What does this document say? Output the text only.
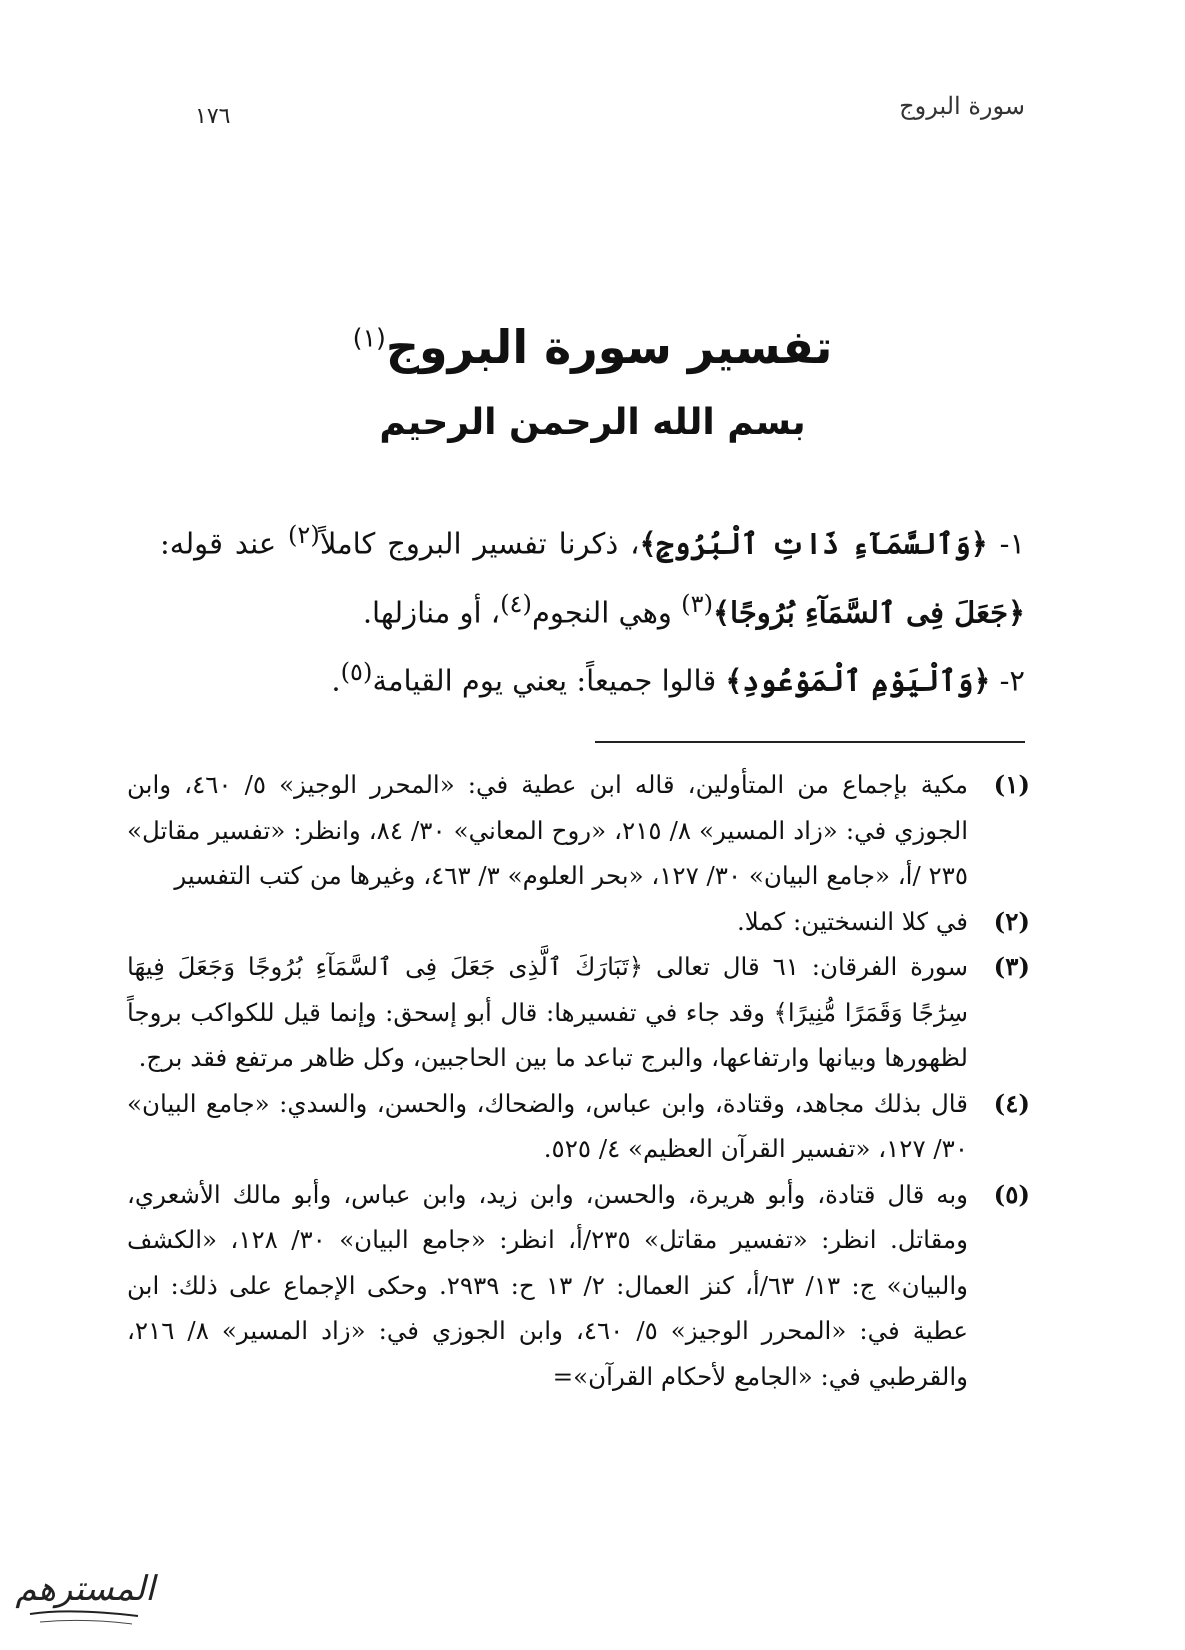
سورة البروج
١٧٦
تفسير سورة البروج$^{(١)}$
بسم الله الرحمن الرحيم

١- ﴿وَٱلسَّمَآءِ ذَاتِ ٱلْبُرُوجِ﴾، ذكرنا تفسير البروج كاملاً$^{(٢)}$ عند قوله: ﴿جَعَلَ فِى ٱلسَّمَآءِ بُرُوجًا﴾$^{(٣)}$ وهي النجوم$^{(٤)}$، أو منازلها.

٢- ﴿وَٱلْيَوْمِ ٱلْمَوْعُودِ﴾ قالوا جميعاً: يعني يوم القيامة$^{(٥)}$.

(١)
مكية بإجماع من المتأولين، قاله ابن عطية في: «المحرر الوجيز» ٥/ ٤٦٠، وابن الجوزي في: «زاد المسير» ٨/ ٢١٥، «روح المعاني» ٣٠/ ٨٤، وانظر: «تفسير مقاتل» ٢٣٥ /أ، «جامع البيان» ٣٠/ ١٢٧، «بحر العلوم» ٣/ ٤٦٣، وغيرها من كتب التفسير
(٢)
في كلا النسختين: كملا.
(٣)
سورة الفرقان: ٦١ قال تعالى ﴿تَبَارَكَ ٱلَّذِى جَعَلَ فِى ٱلسَّمَآءِ بُرُوجًا وَجَعَلَ فِيهَا سِرَٰجًا وَقَمَرًا مُّنِيرًا﴾ وقد جاء في تفسيرها: قال أبو إسحق: وإنما قيل للكواكب بروجاً لظهورها وبيانها وارتفاعها، والبرج تباعد ما بين الحاجبين، وكل ظاهر مرتفع فقد برج.
(٤)
قال بذلك مجاهد، وقتادة، وابن عباس، والضحاك، والحسن، والسدي: «جامع البيان» ٣٠/ ١٢٧، «تفسير القرآن العظيم» ٤/ ٥٢٥.
(٥)
وبه قال قتادة، وأبو هريرة، والحسن، وابن زيد، وابن عباس، وأبو مالك الأشعري، ومقاتل. انظر: «تفسير مقاتل» ٢٣٥/أ، انظر: «جامع البيان» ٣٠/ ١٢٨، «الكشف والبيان» ج: ١٣/ ٦٣/أ، كنز العمال: ٢/ ١٣ ح: ٢٩٣٩. وحكى الإجماع على ذلك: ابن عطية في: «المحرر الوجيز» ٥/ ٤٦٠، وابن الجوزي في: «زاد المسير» ٨/ ٢١٦، والقرطبي في: «الجامع لأحكام القرآن»=
المسترهم
